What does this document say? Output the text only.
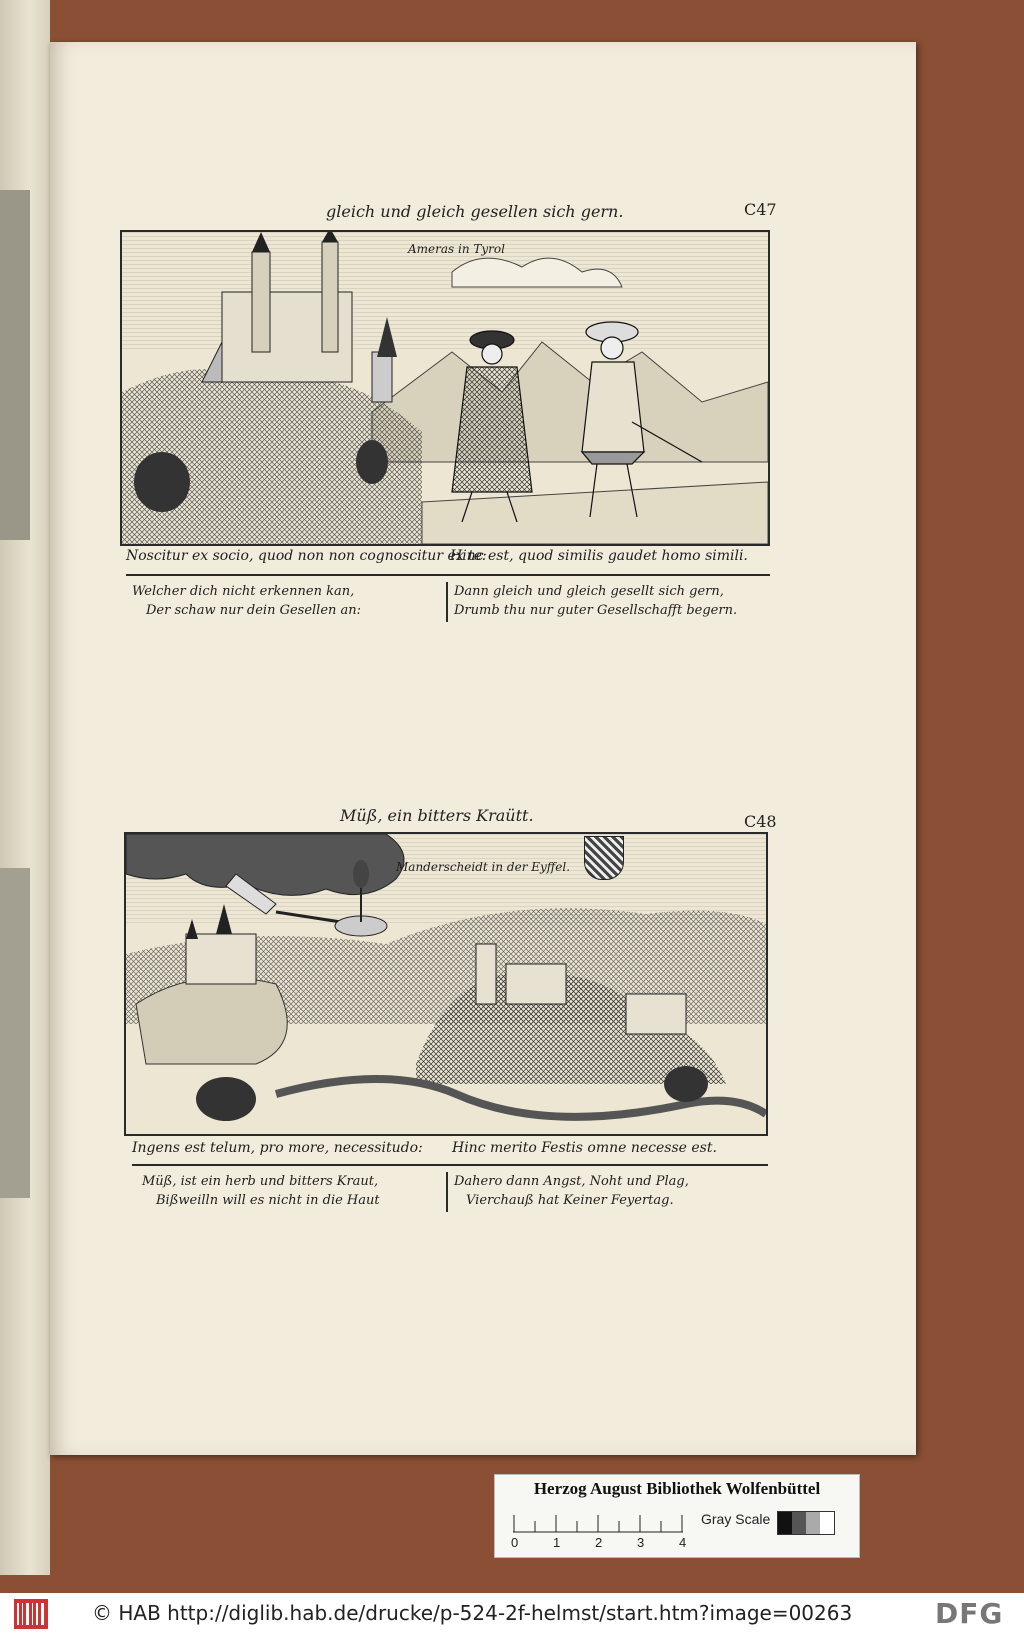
gleich und gleich gesellen sich gern.	C47
Ameras in Tyrol
Noscitur ex socio, quod non non cognoscitur ex te:
Hinc est, quod similis gaudet homo simili.
Welcher dich nicht erkennen kan,
Der schaw nur dein Gesellen an:
Dann gleich und gleich gesellt sich gern,
Drumb thu nur guter Gesellschafft begern.
Müß, ein bitters Kraütt.	C48
Manderscheidt in der Eyffel.
Ingens est telum, pro more, necessitudo: Hinc merito Festis omne necesse est.
Müß, ist ein herb und bitters Kraut,
Bißweilln will es nicht in die Haut
Dahero dann Angst, Noht und Plag,
Vierchauß hat Keiner Feyertag.
Herzog August Bibliothek Wolfenbüttel
0	1	2	3	4
Gray Scale
© HAB http://diglib.hab.de/drucke/p-524-2f-helmst/start.htm?image=00263	DFG
